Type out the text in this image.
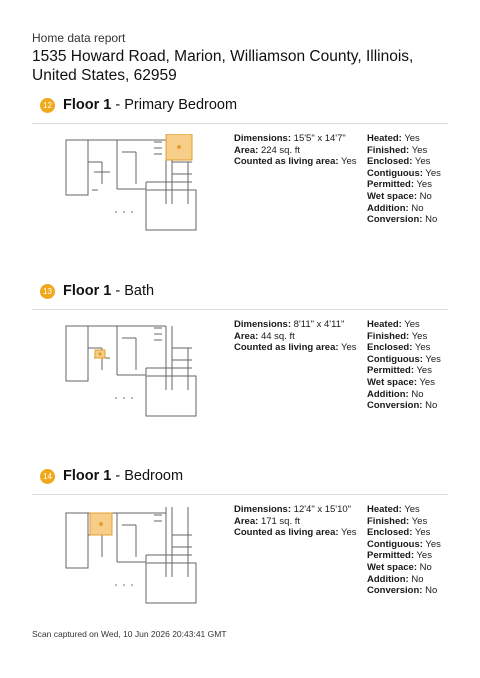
Home data report
1535 Howard Road, Marion, Williamson County, Illinois, United States, 62959
12 Floor 1 - Primary Bedroom
Dimensions: 15'5" x 14'7"
Area: 224 sq. ft
Counted as living area: Yes
Heated: Yes
Finished: Yes
Enclosed: Yes
Contiguous: Yes
Permitted: Yes
Wet space: No
Addition: No
Conversion: No
13 Floor 1 - Bath
Dimensions: 8'11" x 4'11"
Area: 44 sq. ft
Counted as living area: Yes
Heated: Yes
Finished: Yes
Enclosed: Yes
Contiguous: Yes
Permitted: Yes
Wet space: Yes
Addition: No
Conversion: No
14 Floor 1 - Bedroom
Dimensions: 12'4" x 15'10"
Area: 171 sq. ft
Counted as living area: Yes
Heated: Yes
Finished: Yes
Enclosed: Yes
Contiguous: Yes
Permitted: Yes
Wet space: No
Addition: No
Conversion: No
Scan captured on Wed, 10 Jun 2026 20:43:41 GMT
